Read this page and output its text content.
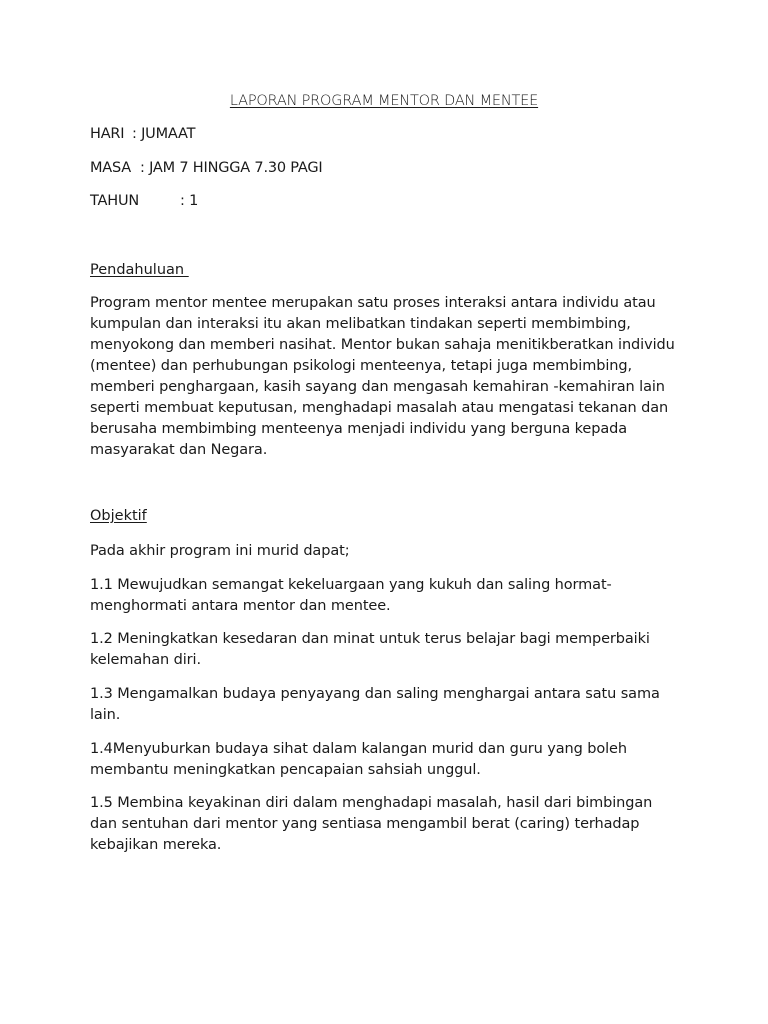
LAPORAN PROGRAM MENTOR DAN MENTEE
HARI : JUMAAT
MASA : JAM 7 HINGGA 7.30 PAGI
TAHUN	: 1
Pendahuluan

Program mentor mentee merupakan satu proses interaksi antara individu atau kumpulan dan interaksi itu akan melibatkan tindakan seperti membimbing, menyokong dan memberi nasihat. Mentor bukan sahaja menitikberatkan individu (mentee) dan perhubungan psikologi menteenya, tetapi juga membimbing, memberi penghargaan, kasih sayang dan mengasah kemahiran -kemahiran lain seperti membuat keputusan, menghadapi masalah atau mengatasi tekanan dan berusaha membimbing menteenya menjadi individu yang berguna kepada masyarakat dan Negara.

Objektif

Pada akhir program ini murid dapat;

1.1 Mewujudkan semangat kekeluargaan yang kukuh dan saling hormat-menghormati antara mentor dan mentee.

1.2 Meningkatkan kesedaran dan minat untuk terus belajar bagi memperbaiki kelemahan diri.

1.3 Mengamalkan budaya penyayang dan saling menghargai antara satu sama lain.

1.4Menyuburkan budaya sihat dalam kalangan murid dan guru yang boleh membantu meningkatkan pencapaian sahsiah unggul.

1.5 Membina keyakinan diri dalam menghadapi masalah, hasil dari bimbingan dan sentuhan dari mentor yang sentiasa mengambil berat (caring) terhadap kebajikan mereka.
